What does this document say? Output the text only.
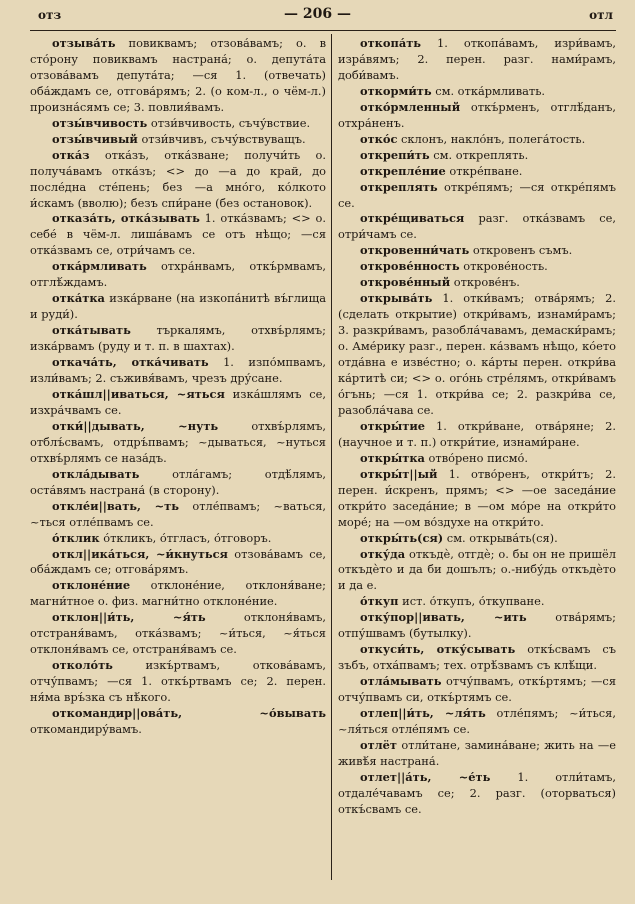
отз	— 206 —	отл

отзыва́ть повиквамъ; отзова́вамъ; о. в сто́рону повиквамъ настрана́; о. депута́та отзова́вамъ депута́та; —ся 1. (отвечать) оба́ждамъ се, отгова́рямъ; 2. (о ком-л., о чём-л.) произна́сямъ се; 3. повлия́вамъ.

отзы́вчивость отзи́вчивость, съчу́вствие.

отзы́вчивый отзи́вчивъ, съчу́вствуващъ.

отка́з отка́зъ, отка́зване; получи́ть о. получа́вамъ отка́зъ; <> до —а до край, до после́дна сте́пень; без —а мно́го, ко́лкото и́скамъ (вволю); безъ спи́ране (без остановок).

отказа́ть, отка́зывать 1. отка́звамъ; <> о. себе́ в чём-л. лиша́вамъ се отъ нѣщо; —ся отка́звамъ се, отри́чамъ се.

отка́рмливать отхра́нвамъ, откъ́рмвамъ, отглѣ́ждамъ.

отка́тка изка́рване (на изкопа́нитѣ въ́глища и руди́).

отка́тывать търкалямъ, отхвъ́рлямъ; изка́рвамъ (руду и т. п. в шахтах).

откача́ть, отка́чивать 1. изпо́мпвамъ, изли́вамъ; 2. съживя́вамъ, чрезъ дру́сане.

отка́шл||иваться, ~яться изка́шлямъ се, изхра́чвамъ се.

отки́||дывать, ~нуть отхвъ́рлямъ, отблъ́свамъ, отдръ́пвамъ; ~дываться, ~нуться отхвъ́рлямъ се наза́дъ.

откла́дывать отла́гамъ; отдѣ́лямъ, оста́вямъ настрана́ (в сторону).

откле́и||вать, ~ть отле́пвамъ; ~ваться, ~ться отле́пвамъ се.

о́тклик о́ткликъ, о́тгласъ, о́тговоръ.

откл||ика́ться, ~и́кнуться отзова́вамъ се, оба́ждамъ се; отгова́рямъ.

отклоне́ние отклоне́ние, отклоня́ване; магни́тное о. физ. магни́тно отклоне́ние.

отклон||и́ть, ~я́ть отклоня́вамъ, отстраня́вамъ, отка́звамъ; ~и́ться, ~я́ться отклоня́вамъ се, отстраня́вамъ се.

отколо́ть изкъ́ртвамъ, откова́вамъ, отчу́пвамъ; —ся 1. откъ́ртвамъ се; 2. перен. ня́ма връ́зка съ нѣ́кого.

откомандир||ова́ть, ~о́вывать откомандиру́вамъ.

откопа́ть 1. откопа́вамъ, изри́вамъ, изра́вямъ; 2. перен. разг. нами́рамъ, доби́вамъ.

откорми́ть см. отка́рмливать.

отко́рмленный откъ́рменъ, отглѣ́данъ, отхра́ненъ.

отко́с склонъ, накло́нъ, полега́тость.

открепи́ть см. откреплять.

открепле́ние откре́пване.

откреплять откре́пямъ; —ся откре́пямъ се.

откре́щиваться разг. отка́звамъ се, отри́чамъ се.

откровенни́чать откровенъ съмъ.

открове́нность открове́ность.

открове́нный открове́нъ.

открыва́ть 1. отки́вамъ; отва́рямъ; 2. (сделать открытие) откри́вамъ, изнами́рамъ; 3. разкри́вамъ, разобла́чавамъ, демаски́рамъ; о. Аме́рику разг., перен. ка́звамъ нѣщо, ко́ето отда́вна е изве́стно; о. ка́рты перен. откри́ва ка́ртитѣ си; <> о. ого́нь стре́лямъ, откри́вамъ о́гънь; —ся 1. откри́ва се; 2. разкри́ва се, разобла́чава се.

откры́тие 1. откри́ване, отва́ряне; 2. (научное и т. п.) откри́тие, изнами́ране.

откры́тка отво́рено писмо́.

откры́т||ый 1. отво́ренъ, откри́тъ; 2. перен. и́скренъ, прямъ; <> —ое заседа́ние откри́то заседа́ние; в —ом мо́ре на откри́то море́; на —ом во́здухе на откри́то.

откры́ть(ся) см. открыва́ть(ся).

отку́да откъдѐ, отгдѐ; о. бы он не пришёл откъдѐто и да би дошълъ; о.-нибу́дь откъдѐто и да е.

о́ткуп ист. о́ткупъ, о́ткупване.

отку́пор||ивать, ~ить отва́рямъ; отпу́швамъ (бутылку).

откуси́ть, отку́сывать откъ́свамъ съ зъбъ, отха́пвамъ; тех. отрѣ́звамъ съ клѣ́щи.

отла́мывать отчу́пвамъ, откъ́ртямъ; —ся отчу́пвамъ си, откъ́ртямъ се.

отлеп||и́ть, ~ля́ть отле́пямъ; ~и́ться, ~ля́ться отле́пямъ се.

отлёт отли́тане, замина́ване; жить на —е живѣ́я настрана́.

отлет||а́ть, ~е́ть 1. отли́тамъ, отдале́чавамъ се; 2. разг. (оторваться) откъ́свамъ се.
